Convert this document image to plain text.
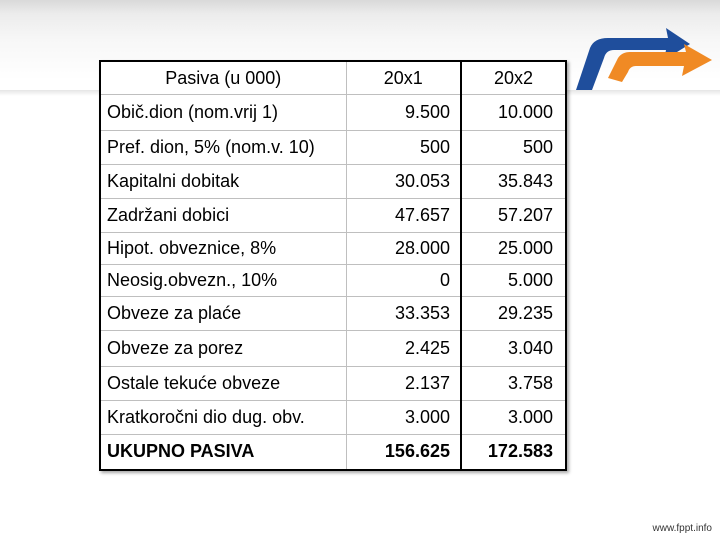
Pasiva (u 000)	20x1	20x2
Obič.dion (nom.vrij 1)	9.500	10.000
Pref. dion, 5% (nom.v. 10)	500	500
Kapitalni dobitak	30.053	35.843
Zadržani dobici	47.657	57.207
Hipot. obveznice, 8%	28.000	25.000
Neosig.obvezn., 10%	0	5.000
Obveze za plaće	33.353	29.235
Obveze za porez	2.425	3.040
Ostale tekuće obveze	2.137	3.758
Kratkoročni dio dug. obv.	3.000	3.000
UKUPNO PASIVA	156.625	172.583
www.fppt.info
